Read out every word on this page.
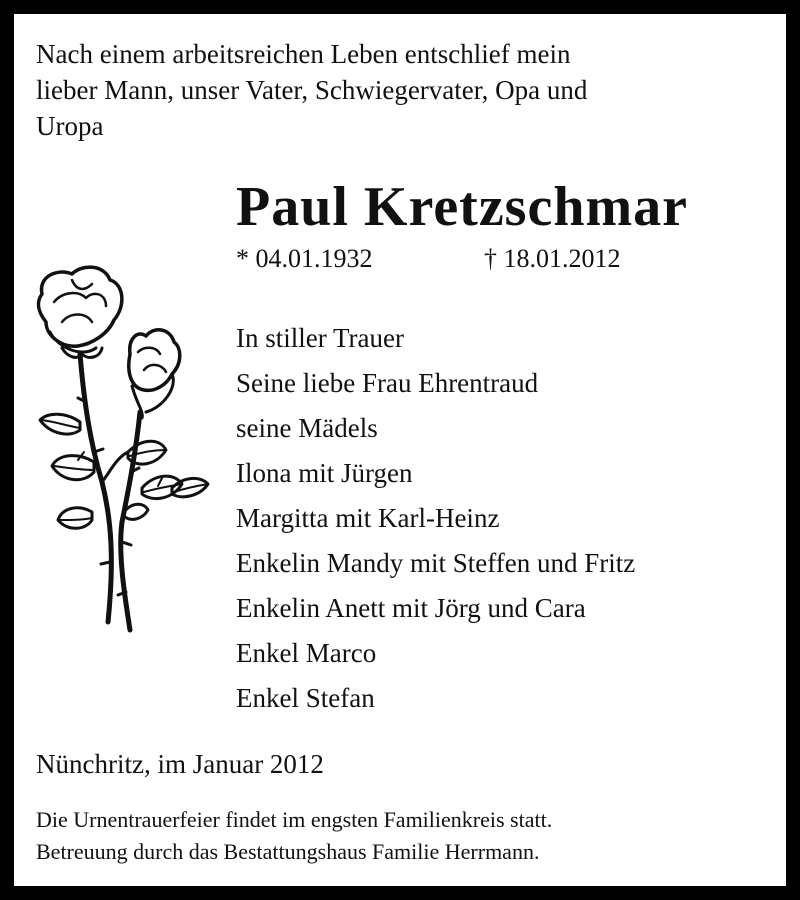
Nach einem arbeitsreichen Leben entschlief mein
lieber Mann, unser Vater, Schwiegervater, Opa und
Uropa
Paul Kretzschmar
* 04.01.1932	† 18.01.2012
In stiller Trauer
Seine liebe Frau Ehrentraud
seine Mädels
Ilona mit Jürgen
Margitta mit Karl-Heinz
Enkelin Mandy mit Steffen und Fritz
Enkelin Anett mit Jörg und Cara
Enkel Marco
Enkel Stefan
Nünchritz, im Januar 2012
Die Urnentrauerfeier findet im engsten Familienkreis statt.
Betreuung durch das Bestattungshaus Familie Herrmann.
